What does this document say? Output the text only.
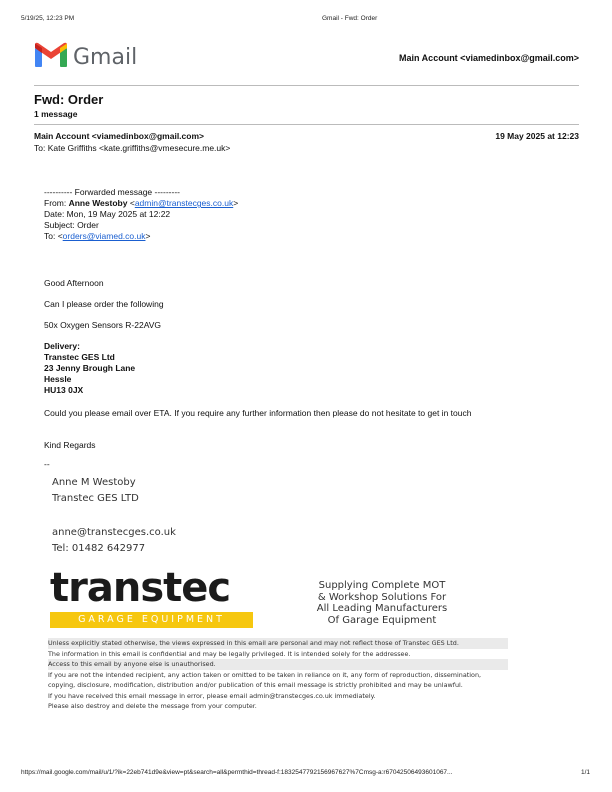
5/19/25, 12:23 PM	Gmail - Fwd: Order
Gmail	Main Account <viamedinbox@gmail.com>
Fwd: Order
1 message
Main Account <viamedinbox@gmail.com>	19 May 2025 at 12:23
To: Kate Griffiths <kate.griffiths@vmesecure.me.uk>
---------- Forwarded message ---------
From: Anne Westoby <admin@transtecges.co.uk>
Date: Mon, 19 May 2025 at 12:22
Subject: Order
To: <orders@viamed.co.uk>
Good Afternoon
Can I please order the following
50x Oxygen Sensors R-22AVG
Delivery:
Transtec GES Ltd
23 Jenny Brough Lane
Hessle
HU13 0JX
Could you please email over ETA. If you require any further information then please do not hesitate to get in touch
Kind Regards
--
Anne M Westoby
Transtec GES LTD
anne@transtecges.co.uk
Tel: 01482 642977
transtec
GARAGE EQUIPMENT
Supplying Complete MOT
& Workshop Solutions For
All Leading Manufacturers
Of Garage Equipment
Unless explicitly stated otherwise, the views expressed in this email are personal and may not reflect those of Transtec GES Ltd.
The information in this email is confidential and may be legally privileged. It is intended solely for the addressee.
Access to this email by anyone else is unauthorised.
If you are not the intended recipient, any action taken or omitted to be taken in reliance on it, any form of reproduction, dissemination,
copying, disclosure, modification, distribution and/or publication of this email message is strictly prohibited and may be unlawful.
If you have received this email message in error, please email admin@transtecges.co.uk immediately.
Please also destroy and delete the message from your computer.
https://mail.google.com/mail/u/1/?ik=22eb741d9e&view=pt&search=all&permthid=thread-f:1832547792156967627%7Cmsg-a:r67042506493601067...	1/1
